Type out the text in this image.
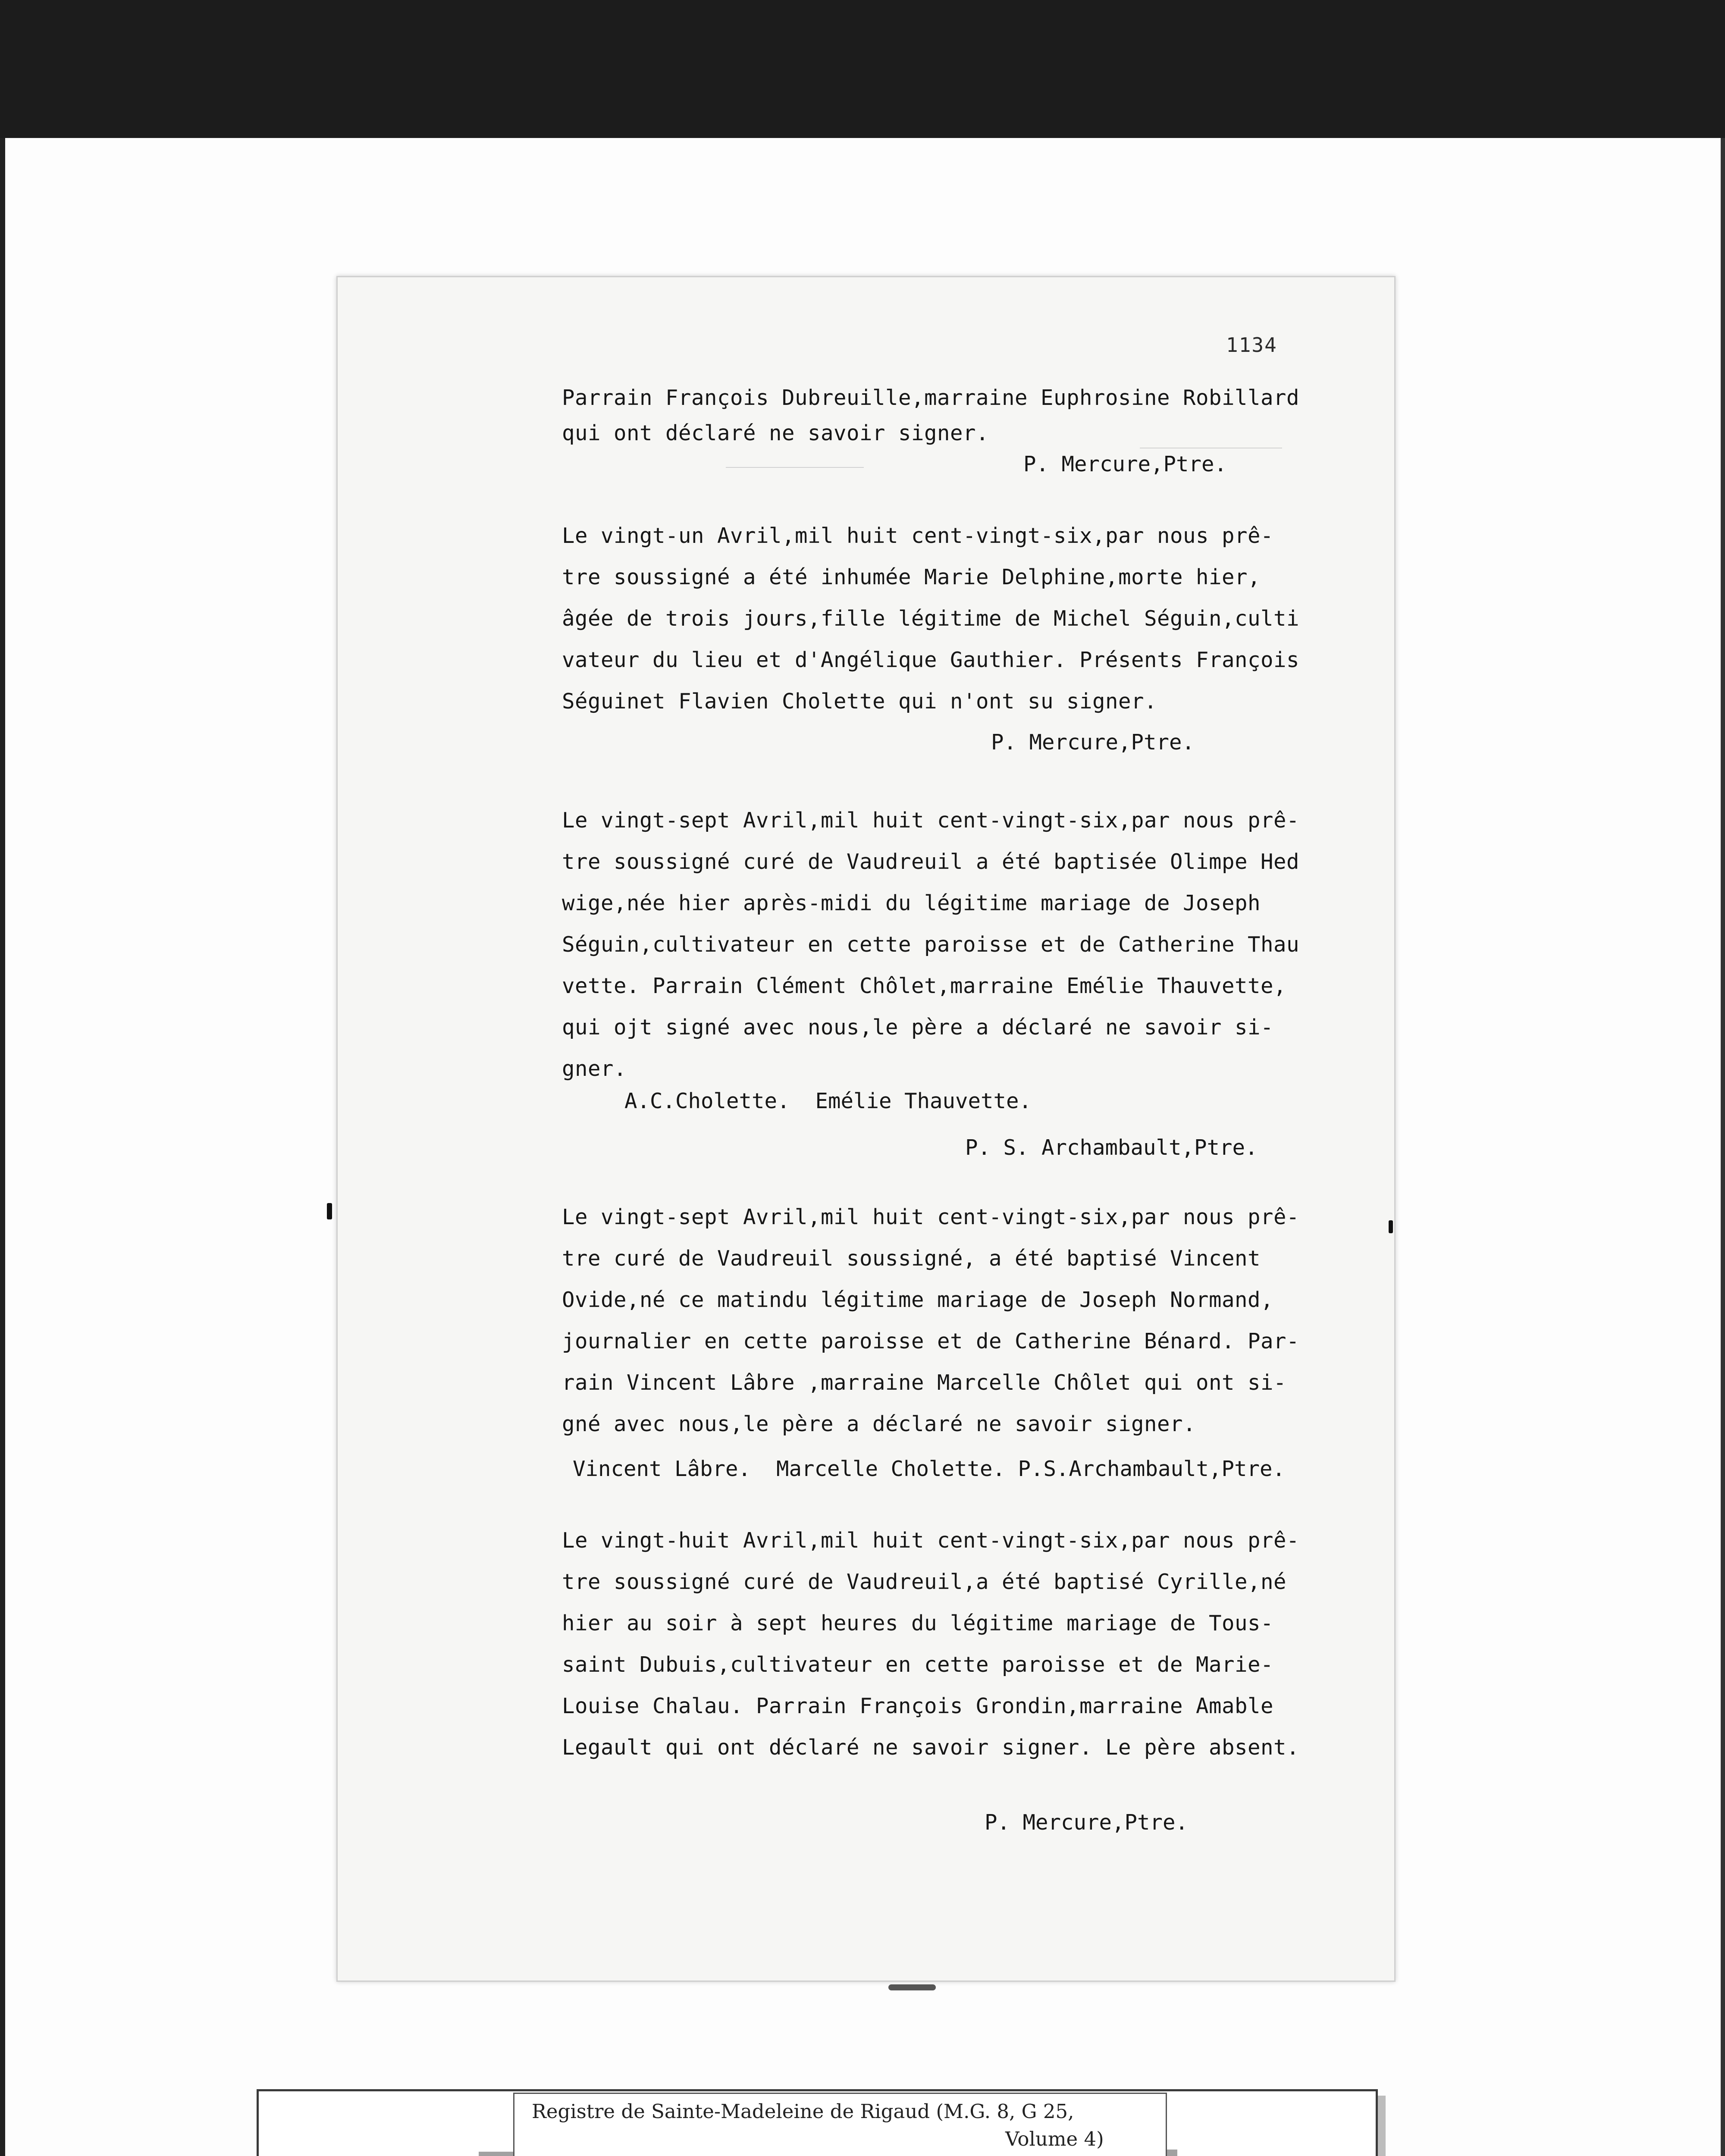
1134
Parrain François Dubreuille,marraine Euphrosine Robillard
qui ont déclaré ne savoir signer.
P. Mercure,Ptre.
Le vingt-un Avril,mil huit cent-vingt-six,par nous prê-
tre soussigné a été inhumée Marie Delphine,morte hier,
âgée de trois jours,fille légitime de Michel Séguin,culti
vateur du lieu et d'Angélique Gauthier. Présents François
Séguinet Flavien Cholette qui n'ont su signer.
P. Mercure,Ptre.
Le vingt-sept Avril,mil huit cent-vingt-six,par nous prê-
tre soussigné curé de Vaudreuil a été baptisée Olimpe Hed
wige,née hier après-midi du légitime mariage de Joseph
Séguin,cultivateur en cette paroisse et de Catherine Thau
vette. Parrain Clément Chôlet,marraine Emélie Thauvette,
qui ojt signé avec nous,le père a déclaré ne savoir si-
gner.
A.C.Cholette.  Emélie Thauvette.
P. S. Archambault,Ptre.
Le vingt-sept Avril,mil huit cent-vingt-six,par nous prê-
tre curé de Vaudreuil soussigné, a été baptisé Vincent
Ovide,né ce matindu légitime mariage de Joseph Normand,
journalier en cette paroisse et de Catherine Bénard. Par-
rain Vincent Lâbre ,marraine Marcelle Chôlet qui ont si-
gné avec nous,le père a déclaré ne savoir signer.
Vincent Lâbre.  Marcelle Cholette. P.S.Archambault,Ptre.
Le vingt-huit Avril,mil huit cent-vingt-six,par nous prê-
tre soussigné curé de Vaudreuil,a été baptisé Cyrille,né
hier au soir à sept heures du légitime mariage de Tous-
saint Dubuis,cultivateur en cette paroisse et de Marie-
Louise Chalau. Parrain François Grondin,marraine Amable
Legault qui ont déclaré ne savoir signer. Le père absent.
P. Mercure,Ptre.
Registre de Sainte-Madeleine de Rigaud (M.G. 8, G 25,
Volume 4)
